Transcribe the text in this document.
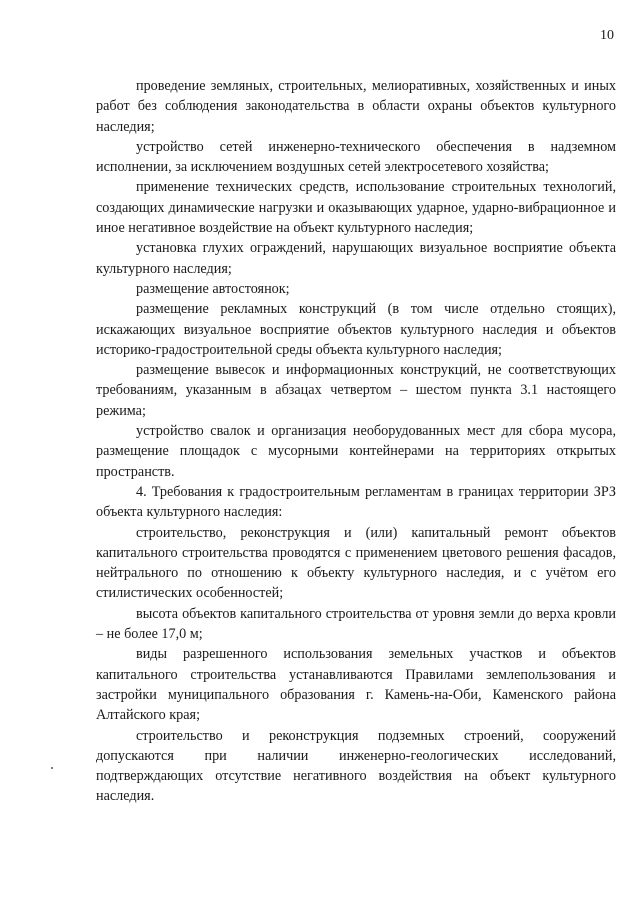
10

проведение земляных, строительных, мелиоративных, хозяйственных и иных работ без соблюдения законодательства в области охраны объектов культурного наследия;

устройство сетей инженерно-технического обеспечения в надземном исполнении, за исключением воздушных сетей электросетевого хозяйства;

применение технических средств, использование строительных технологий, создающих динамические нагрузки и оказывающих ударное, ударно-вибрационное и иное негативное воздействие на объект культурного наследия;

установка глухих ограждений, нарушающих визуальное восприятие объекта культурного наследия;

размещение автостоянок;

размещение рекламных конструкций (в том числе отдельно стоящих), искажающих визуальное восприятие объектов культурного наследия и объектов историко-градостроительной среды объекта культурного наследия;

размещение вывесок и информационных конструкций, не соответствующих требованиям, указанным в абзацах четвертом – шестом пункта 3.1 настоящего режима;

устройство свалок и организация необорудованных мест для сбора мусора, размещение площадок с мусорными контейнерами на территориях открытых пространств.

4. Требования к градостроительным регламентам в границах территории ЗРЗ объекта культурного наследия:

строительство, реконструкция и (или) капитальный ремонт объектов капитального строительства проводятся с применением цветового решения фасадов, нейтрального по отношению к объекту культурного наследия, и с учётом его стилистических особенностей;

высота объектов капитального строительства от уровня земли до верха кровли – не более 17,0 м;

виды разрешенного использования земельных участков и объектов капитального строительства устанавливаются Правилами землепользования и застройки муниципального образования г. Камень-на-Оби, Каменского района Алтайского края;

строительство и реконструкция подземных строений, сооружений допускаются при наличии инженерно-геологических исследований, подтверждающих отсутствие негативного воздействия на объект культурного наследия.
